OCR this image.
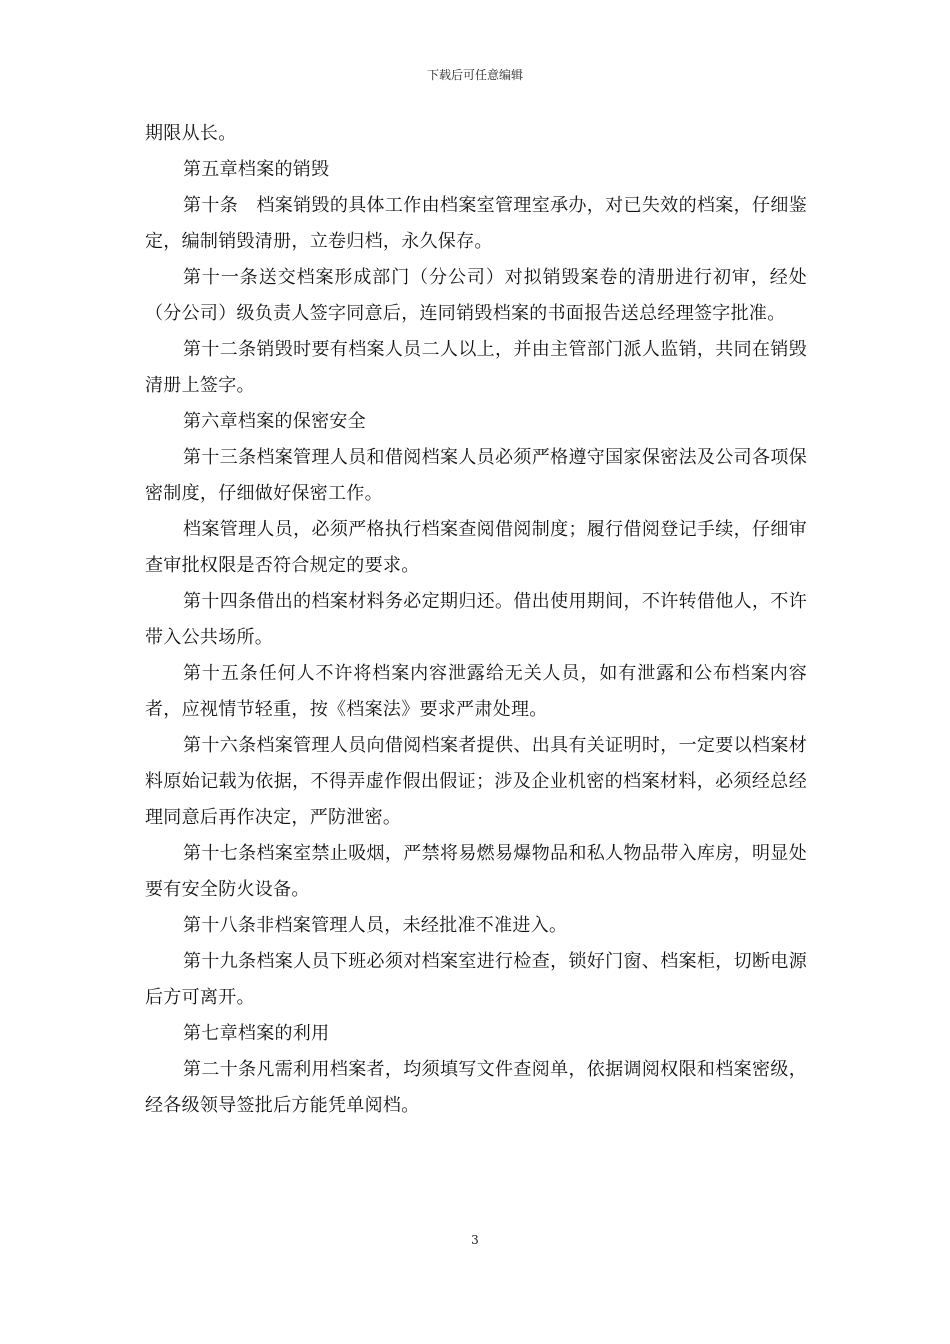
下载后可任意编辑

期限从长。

第五章档案的销毁

第十条　档案销毁的具体工作由档案室管理室承办，对已失效的档案，仔细鉴定，编制销毁清册，立卷归档，永久保存。

第十一条送交档案形成部门（分公司）对拟销毁案卷的清册进行初审，经处（分公司）级负责人签字同意后，连同销毁档案的书面报告送总经理签字批准。

第十二条销毁时要有档案人员二人以上，并由主管部门派人监销，共同在销毁清册上签字。

第六章档案的保密安全

第十三条档案管理人员和借阅档案人员必须严格遵守国家保密法及公司各项保密制度，仔细做好保密工作。

档案管理人员，必须严格执行档案查阅借阅制度；履行借阅登记手续，仔细审查审批权限是否符合规定的要求。

第十四条借出的档案材料务必定期归还。借出使用期间，不许转借他人，不许带入公共场所。

第十五条任何人不许将档案内容泄露给无关人员，如有泄露和公布档案内容者，应视情节轻重，按《档案法》要求严肃处理。

第十六条档案管理人员向借阅档案者提供、出具有关证明时，一定要以档案材料原始记载为依据，不得弄虚作假出假证；涉及企业机密的档案材料，必须经总经理同意后再作决定，严防泄密。

第十七条档案室禁止吸烟，严禁将易燃易爆物品和私人物品带入库房，明显处要有安全防火设备。

第十八条非档案管理人员，未经批准不准进入。

第十九条档案人员下班必须对档案室进行检查，锁好门窗、档案柜，切断电源后方可离开。

第七章档案的利用

第二十条凡需利用档案者，均须填写文件查阅单，依据调阅权限和档案密级，经各级领导签批后方能凭单阅档。

3
